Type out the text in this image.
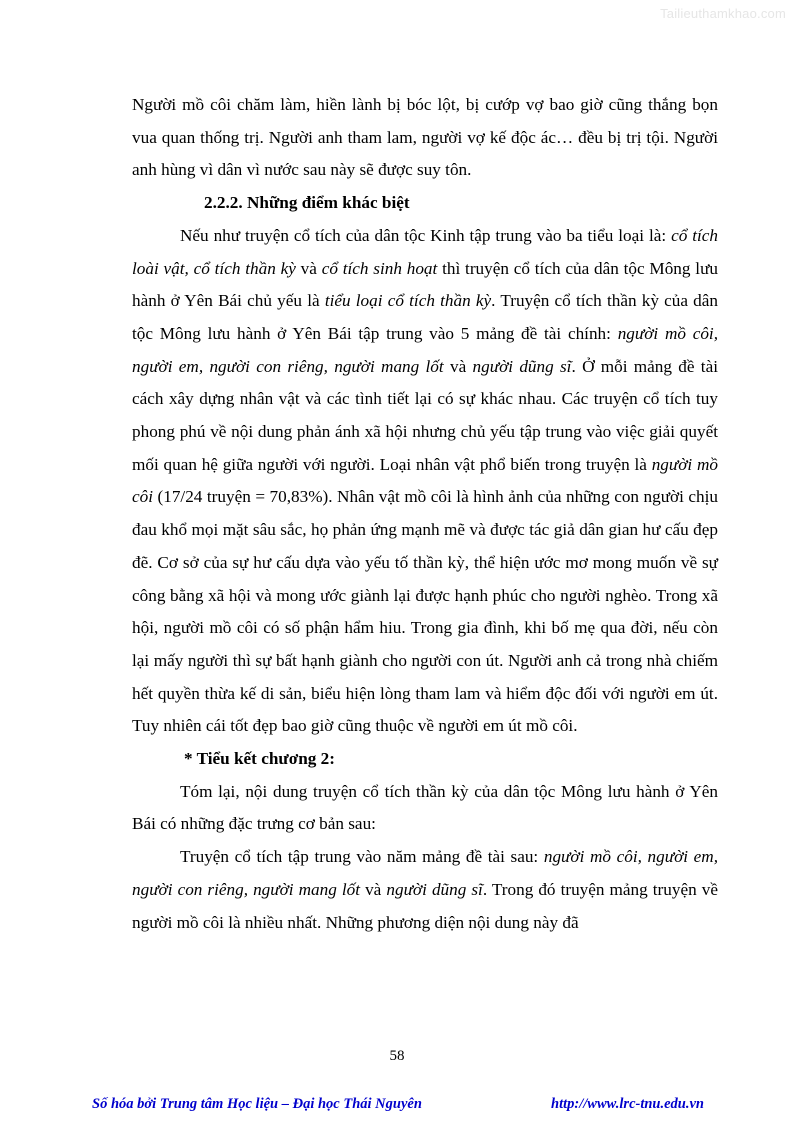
Tailieuthamkhao.com

Người mồ côi chăm làm, hiền lành bị bóc lột, bị cướp vợ bao giờ cũng thắng bọn vua quan thống trị. Người anh tham lam, người vợ kế độc ác… đều bị trị tội. Người anh hùng vì dân vì nước sau này sẽ được suy tôn.

2.2.2. Những điểm khác biệt

Nếu như truyện cổ tích của dân tộc Kinh tập trung vào ba tiểu loại là: cổ tích loài vật, cổ tích thần kỳ và cổ tích sinh hoạt thì truyện cổ tích của dân tộc Mông lưu hành ở Yên Bái chủ yếu là tiểu loại cổ tích thần kỳ. Truyện cổ tích thần kỳ của dân tộc Mông lưu hành ở Yên Bái tập trung vào 5 mảng đề tài chính: người mồ côi, người em, người con riêng, người mang lốt và người dũng sĩ. Ở mỗi mảng đề tài cách xây dựng nhân vật và các tình tiết lại có sự khác nhau. Các truyện cổ tích tuy phong phú về nội dung phản ánh xã hội nhưng chủ yếu tập trung vào việc giải quyết mối quan hệ giữa người với người. Loại nhân vật phổ biến trong truyện là người mồ côi (17/24 truyện = 70,83%). Nhân vật mồ côi là hình ảnh của những con người chịu đau khổ mọi mặt sâu sắc, họ phản ứng mạnh mẽ và được tác giả dân gian hư cấu đẹp đẽ. Cơ sở của sự hư cấu dựa vào yếu tố thần kỳ, thể hiện ước mơ mong muốn về sự công bằng xã hội và mong ước giành lại được hạnh phúc cho người nghèo. Trong xã hội, người mồ côi có số phận hẩm hiu. Trong gia đình, khi bố mẹ qua đời, nếu còn lại mấy người thì sự bất hạnh giành cho người con út. Người anh cả trong nhà chiếm hết quyền thừa kế di sản, biểu hiện lòng tham lam và hiểm độc đối với người em út. Tuy nhiên cái tốt đẹp bao giờ cũng thuộc về người em út mồ côi.

* Tiểu kết chương 2:

Tóm lại, nội dung truyện cổ tích thần kỳ của dân tộc Mông lưu hành ở Yên Bái có những đặc trưng cơ bản sau:

Truyện cổ tích tập trung vào năm mảng đề tài sau: người mồ côi, người em, người con riêng, người mang lốt và người dũng sĩ. Trong đó truyện mảng truyện về người mồ côi là nhiều nhất. Những phương diện nội dung này đã

58
Số hóa bởi Trung tâm Học liệu – Đại học Thái Nguyên	http://www.lrc-tnu.edu.vn
